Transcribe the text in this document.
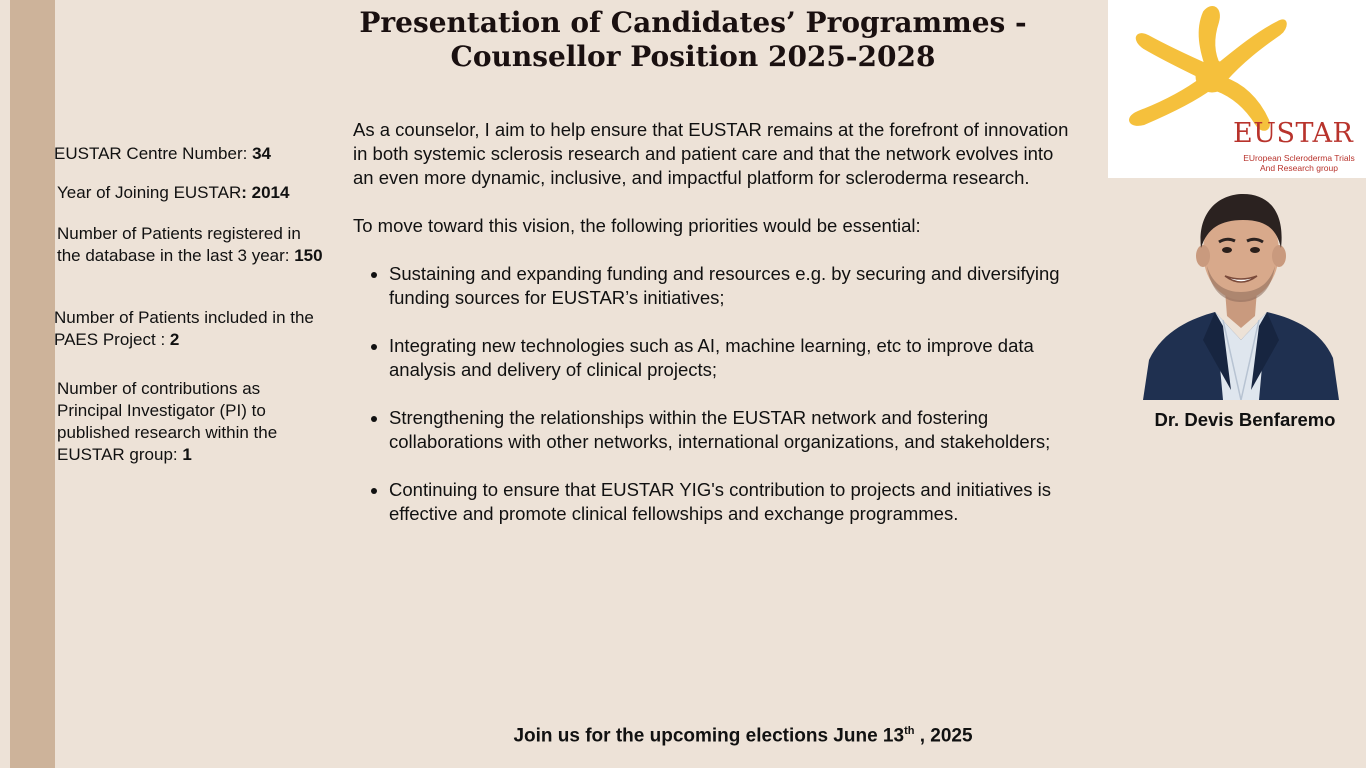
Presentation of Candidates’ Programmes -
Counsellor Position 2025-2028

EUSTAR Centre Number: 34

Year of Joining EUSTAR: 2014

Number of Patients registered in the database in the last 3 year: 150

Number of Patients included in the PAES Project : 2

Number of contributions as Principal Investigator (PI) to published research within the EUSTAR group: 1

As a counselor, I aim to help ensure that EUSTAR remains at the forefront of innovation in both systemic sclerosis research and patient care and that the network evolves into an even more dynamic, inclusive, and impactful platform for scleroderma research.

To move toward this vision, the following priorities would be essential:

• Sustaining and expanding funding and resources e.g. by securing and diversifying funding sources for EUSTAR’s initiatives;
• Integrating new technologies such as AI, machine learning, etc to improve data analysis and delivery of clinical projects;
• Strengthening the relationships within the EUSTAR network and fostering collaborations with other networks, international organizations, and stakeholders;
• Continuing to ensure that EUSTAR YIG's contribution to projects and initiatives is effective and promote clinical fellowships and exchange programmes.
EUSTAR
EUropean Scleroderma Trials
And Research group
Dr. Devis Benfaremo
Join us for the upcoming elections June 13th , 2025
